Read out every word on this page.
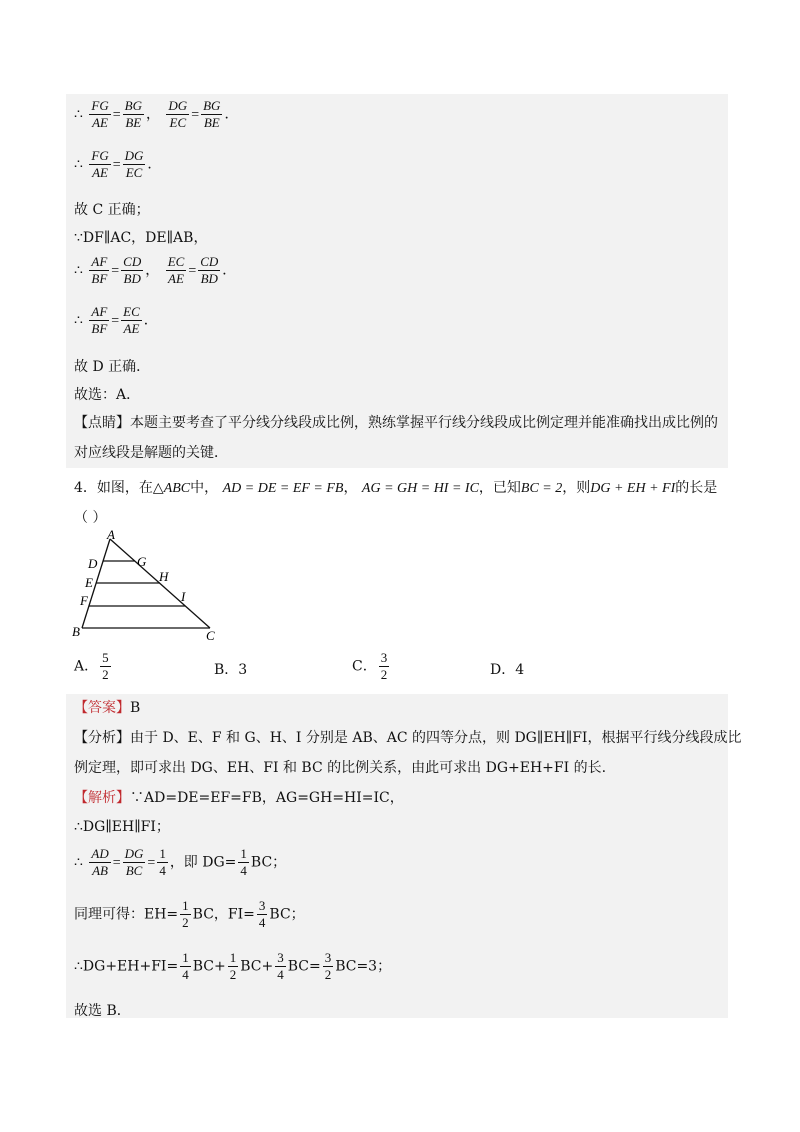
∴ $\frac{FG}{AE} = \frac{BG}{BE}$ ， $\frac{DG}{EC} = \frac{BG}{BE}$ ．
∴ $\frac{FG}{AE} = \frac{DG}{EC}$ ．
故 C 正确；
∵DF∥AC，DE∥AB，
∴ $\frac{AF}{BF} = \frac{CD}{BD}$ ， $\frac{EC}{AE} = \frac{CD}{BD}$ ．
∴ $\frac{AF}{BF} = \frac{EC}{AE}$ ．
故 D 正确．
故选：A．
【点睛】本题主要考查了平分线分线段成比例，熟练掌握平行线分线段成比例定理并能准确找出成比例的
对应线段是解题的关键．
4．如图，在△ABC中， AD = DE = EF = FB， AG = GH = HI = IC，已知BC = 2，则DG + EH + FI的长是
（ ）
A
D	G
E	H
F	I
B	C
A． $\frac{5}{2}$	B．3	C． $\frac{3}{2}$	D．4
【答案】B
【分析】由于 D、E、F 和 G、H、I 分别是 AB、AC 的四等分点，则 DG∥EH∥FI，根据平行线分线段成比
例定理，即可求出 DG、EH、FI 和 BC 的比例关系，由此可求出 DG+EH+FI 的长.
【解析】∵AD=DE=EF=FB，AG=GH=HI=IC，
∴DG∥EH∥FI；
∴ $\frac{AD}{AB} = \frac{DG}{BC} = \frac{1}{4}$ ，即 $DG= \frac{1}{4}$ BC；
同理可得：$EH= \frac{1}{2}$ BC，$FI= \frac{3}{4}$ BC；
∴DG+EH+FI= $\frac{1}{4} BC+ \frac{1}{2} BC+ \frac{3}{4} BC= \frac{3}{2} BC=3$；
故选 B．
